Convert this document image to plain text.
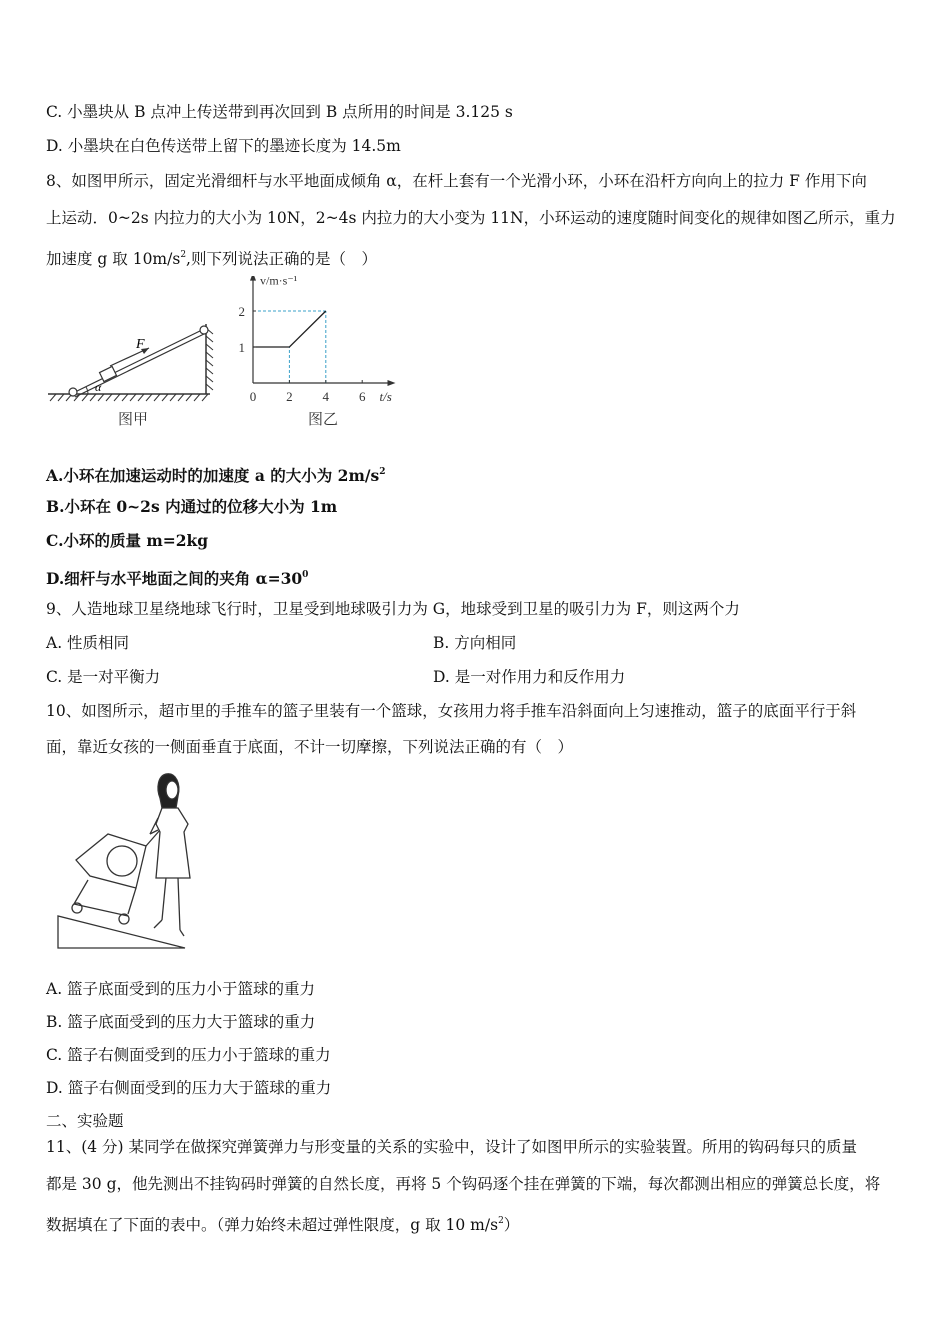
C. 小墨块从 B 点冲上传送带到再次回到 B 点所用的时间是 3.125 s
D. 小墨块在白色传送带上留下的墨迹长度为 14.5m
8、如图甲所示，固定光滑细杆与水平地面成倾角 α，在杆上套有一个光滑小环，小环在沿杆方向向上的拉力 F 作用下向
上运动．0~2s 内拉力的大小为 10N，2~4s 内拉力的大小变为 11N，小环运动的速度随时间变化的规律如图乙所示，重力
加速度 g 取 $10m/s^2$,则下列说法正确的是（　）
F
α
图甲
0 2 4 6
1
2
t/s
v/m·s⁻¹
图乙
A.小环在加速运动时的加速度 a 的大小为 $2m/s^2$
B.小环在 0~2s 内通过的位移大小为 1m
C.小环的质量 m=2kg
D.细杆与水平地面之间的夹角 $\alpha=30^0$
9、人造地球卫星绕地球飞行时，卫星受到地球吸引力为 G，地球受到卫星的吸引力为 F，则这两个力
A. 性质相同	B. 方向相同
C. 是一对平衡力	D. 是一对作用力和反作用力
10、如图所示，超市里的手推车的篮子里装有一个篮球，女孩用力将手推车沿斜面向上匀速推动，篮子的底面平行于斜
面，靠近女孩的一侧面垂直于底面，不计一切摩擦，下列说法正确的有（　）
A. 篮子底面受到的压力小于篮球的重力
B. 篮子底面受到的压力大于篮球的重力
C. 篮子右侧面受到的压力小于篮球的重力
D. 篮子右侧面受到的压力大于篮球的重力
二、实验题
11、(4 分) 某同学在做探究弹簧弹力与形变量的关系的实验中，设计了如图甲所示的实验装置。所用的钩码每只的质量
都是 30 g，他先测出不挂钩码时弹簧的自然长度，再将 5 个钩码逐个挂在弹簧的下端，每次都测出相应的弹簧总长度，将
数据填在了下面的表中。（弹力始终未超过弹性限度，g 取 10 $m/s^2$）
